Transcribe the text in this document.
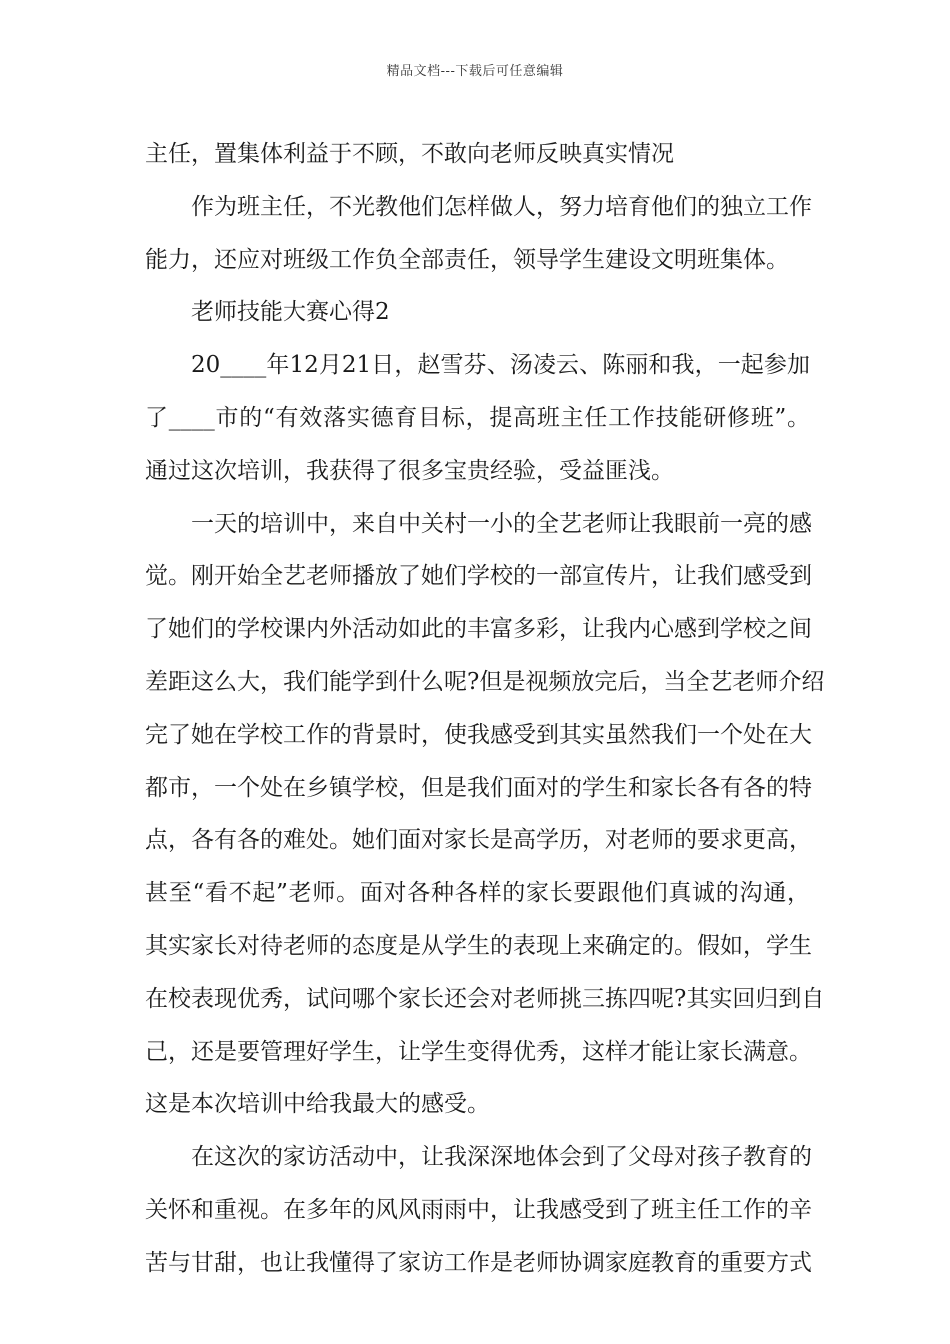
精品文档---下载后可任意编辑
主任，置集体利益于不顾，不敢向老师反映真实情况
作为班主任，不光教他们怎样做人，努力培育他们的独立工作
能力，还应对班级工作负全部责任，领导学生建设文明班集体。
老师技能大赛心得2
20____年12月21日，赵雪芬、汤凌云、陈丽和我，一起参加
了____市的“有效落实德育目标，提高班主任工作技能研修班”。
通过这次培训，我获得了很多宝贵经验，受益匪浅。
一天的培训中，来自中关村一小的全艺老师让我眼前一亮的感
觉。刚开始全艺老师播放了她们学校的一部宣传片，让我们感受到
了她们的学校课内外活动如此的丰富多彩，让我内心感到学校之间
差距这么大，我们能学到什么呢?但是视频放完后，当全艺老师介绍
完了她在学校工作的背景时，使我感受到其实虽然我们一个处在大
都市，一个处在乡镇学校，但是我们面对的学生和家长各有各的特
点，各有各的难处。她们面对家长是高学历，对老师的要求更高，
甚至“看不起”老师。面对各种各样的家长要跟他们真诚的沟通，
其实家长对待老师的态度是从学生的表现上来确定的。假如，学生
在校表现优秀，试问哪个家长还会对老师挑三拣四呢?其实回归到自
己，还是要管理好学生，让学生变得优秀，这样才能让家长满意。
这是本次培训中给我最大的感受。
在这次的家访活动中，让我深深地体会到了父母对孩子教育的
关怀和重视。在多年的风风雨雨中，让我感受到了班主任工作的辛
苦与甘甜，也让我懂得了家访工作是老师协调家庭教育的重要方式
